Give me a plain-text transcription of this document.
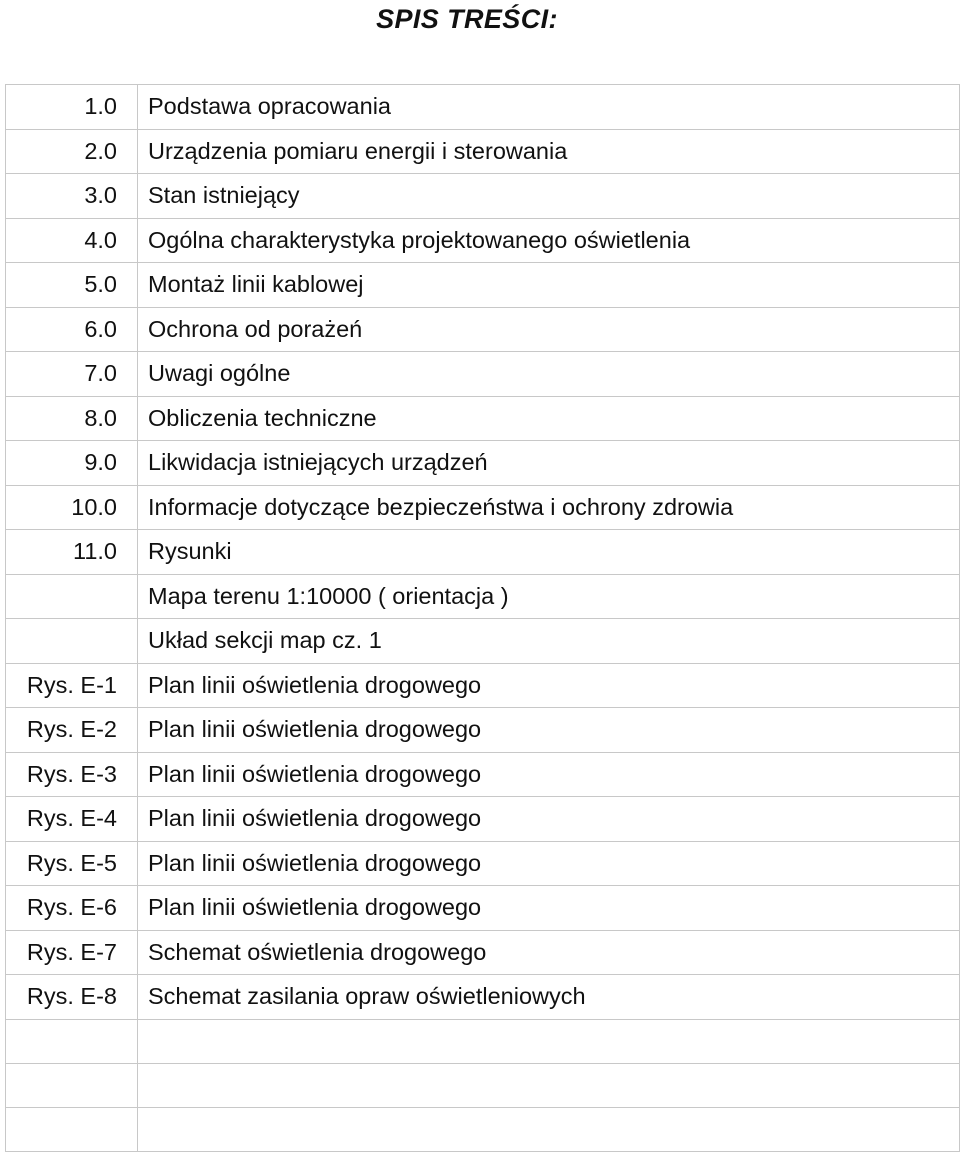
SPIS TREŚCI:
1.0	Podstawa opracowania
2.0	Urządzenia pomiaru energii i sterowania
3.0	Stan istniejący
4.0	Ogólna charakterystyka projektowanego oświetlenia
5.0	Montaż linii kablowej
6.0	Ochrona od porażeń
7.0	Uwagi ogólne
8.0	Obliczenia techniczne
9.0	Likwidacja istniejących urządzeń
10.0	Informacje dotyczące bezpieczeństwa i ochrony zdrowia
11.0	Rysunki
	Mapa terenu 1:10000 ( orientacja )
	Układ sekcji map cz. 1
Rys. E-1	Plan linii oświetlenia drogowego
Rys. E-2	Plan linii oświetlenia drogowego
Rys. E-3	Plan linii oświetlenia drogowego
Rys. E-4	Plan linii oświetlenia drogowego
Rys. E-5	Plan linii oświetlenia drogowego
Rys. E-6	Plan linii oświetlenia drogowego
Rys. E-7	Schemat oświetlenia drogowego
Rys. E-8	Schemat zasilania opraw oświetleniowych
